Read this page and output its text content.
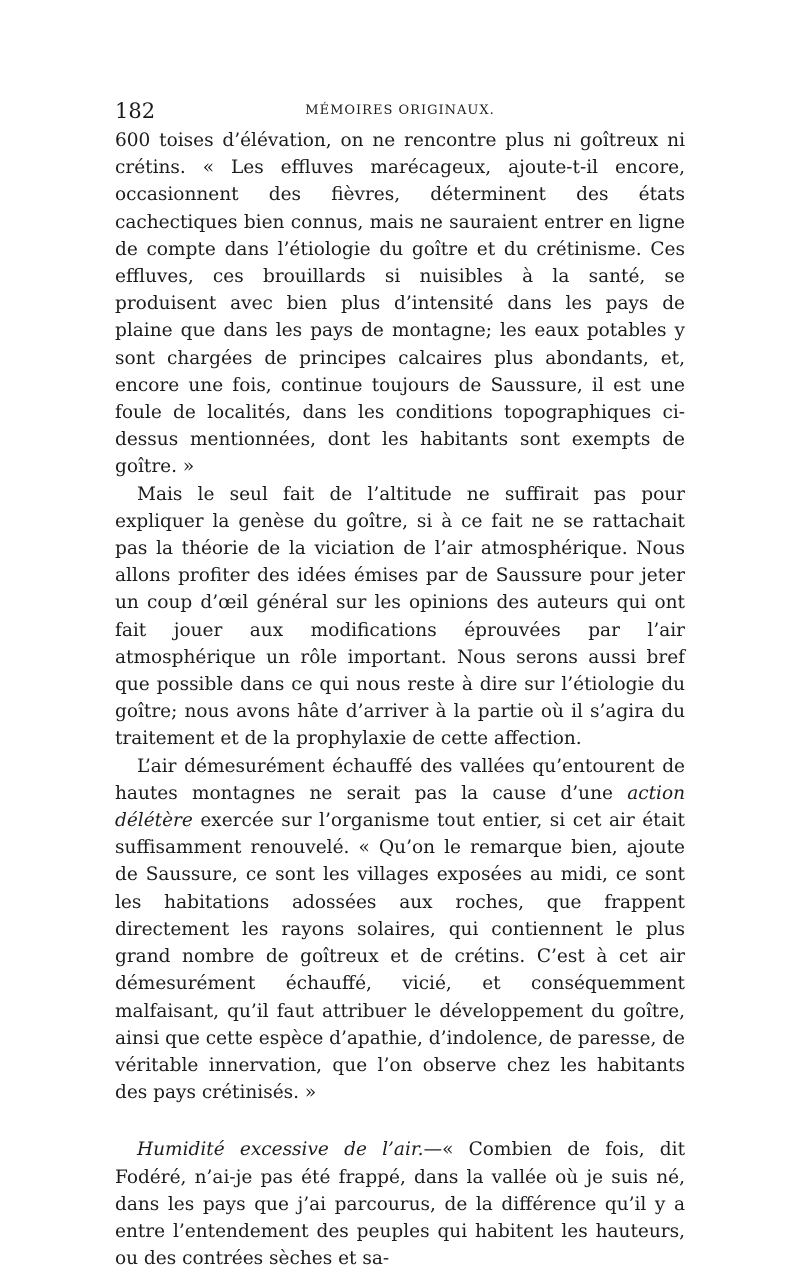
182	MÉMOIRES ORIGINAUX.

600 toises d’élévation, on ne rencontre plus ni goîtreux ni crétins. « Les effluves marécageux, ajoute-t-il encore, occasionnent des fièvres, déterminent des états cachectiques bien connus, mais ne sauraient entrer en ligne de compte dans l’étiologie du goître et du crétinisme. Ces effluves, ces brouillards si nuisibles à la santé, se produisent avec bien plus d’intensité dans les pays de plaine que dans les pays de montagne; les eaux potables y sont chargées de principes calcaires plus abondants, et, encore une fois, continue toujours de Saussure, il est une foule de localités, dans les conditions topographiques ci-dessus mentionnées, dont les habitants sont exempts de goître. »

Mais le seul fait de l’altitude ne suffirait pas pour expliquer la genèse du goître, si à ce fait ne se rattachait pas la théorie de la viciation de l’air atmosphérique. Nous allons profiter des idées émises par de Saussure pour jeter un coup d’œil général sur les opinions des auteurs qui ont fait jouer aux modifications éprouvées par l’air atmosphérique un rôle important. Nous serons aussi bref que possible dans ce qui nous reste à dire sur l’étiologie du goître; nous avons hâte d’arriver à la partie où il s’agira du traitement et de la prophylaxie de cette affection.

L’air démesurément échauffé des vallées qu’entourent de hautes montagnes ne serait pas la cause d’une action délétère exercée sur l’organisme tout entier, si cet air était suffisamment renouvelé. « Qu’on le remarque bien, ajoute de Saussure, ce sont les villages exposées au midi, ce sont les habitations adossées aux roches, que frappent directement les rayons solaires, qui contiennent le plus grand nombre de goîtreux et de crétins. C’est à cet air démesurément échauffé, vicié, et conséquemment malfaisant, qu’il faut attribuer le développement du goître, ainsi que cette espèce d’apathie, d’indolence, de paresse, de véritable innervation, que l’on observe chez les habitants des pays crétinisés. »

Humidité excessive de l’air.—« Combien de fois, dit Fodéré, n’ai-je pas été frappé, dans la vallée où je suis né, dans les pays que j’ai parcourus, de la différence qu’il y a entre l’entendement des peuples qui habitent les hauteurs, ou des contrées sèches et sa-
